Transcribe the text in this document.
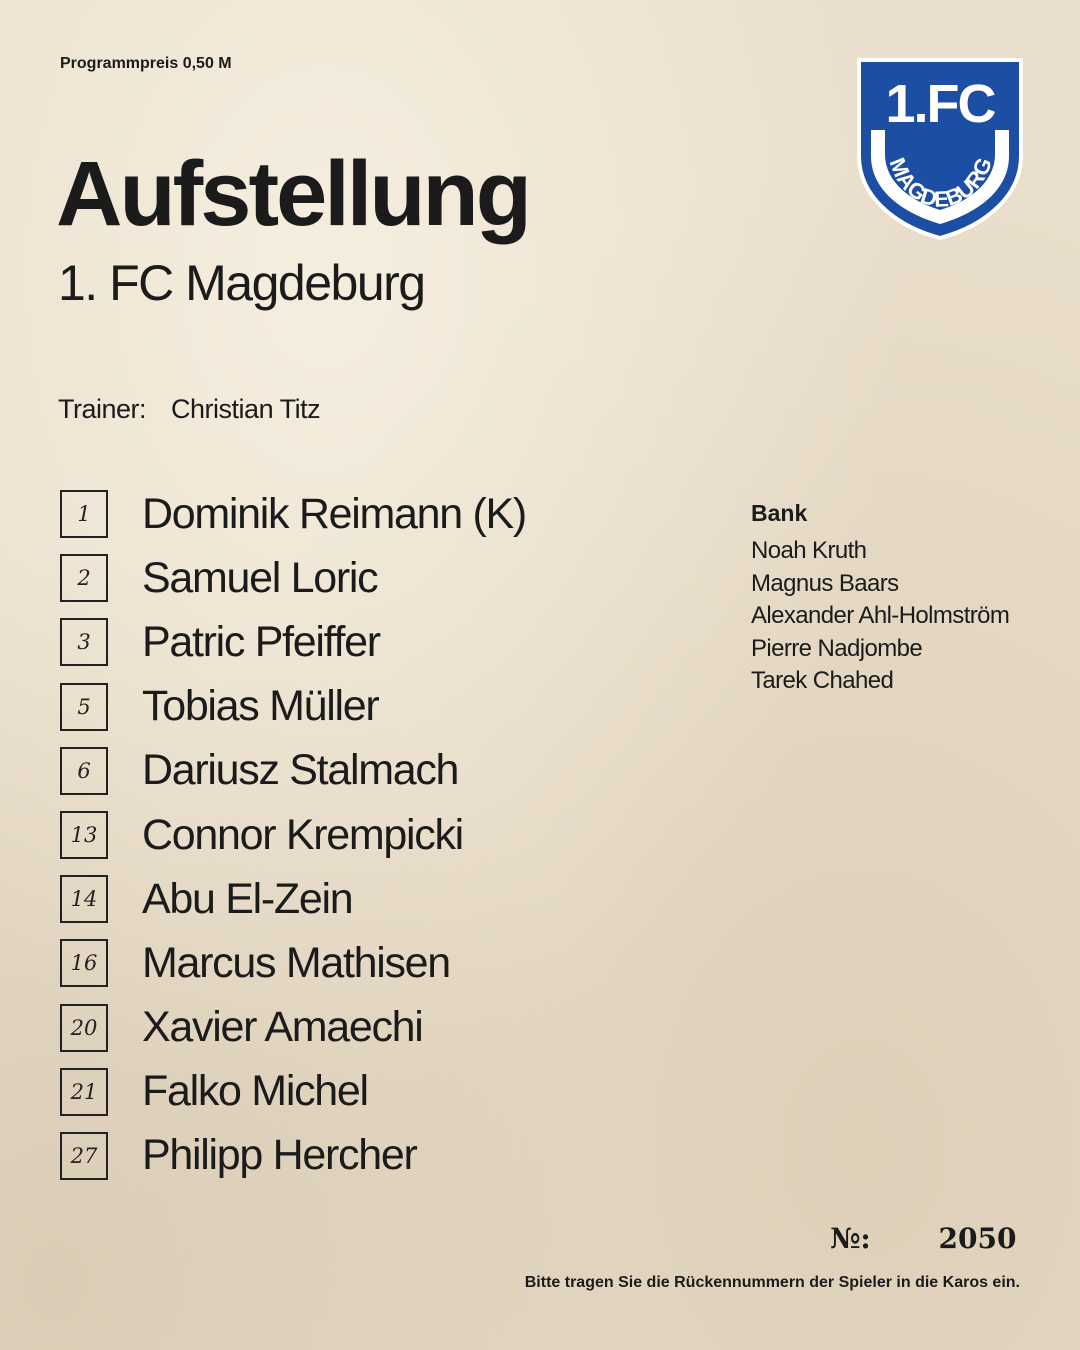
Programmpreis 0,50 M
Aufstellung
1. FC Magdeburg
1.FC
MAGDEBURG
Trainer: Christian Titz
1	Dominik Reimann (K)
2	Samuel Loric
3	Patric Pfeiffer
5	Tobias Müller
6	Dariusz Stalmach
13 Connor Krempicki
14 Abu El-Zein
16 Marcus Mathisen
20 Xavier Amaechi
21 Falko Michel
27 Philipp Hercher
Bank
Noah Kruth
Magnus Baars
Alexander Ahl-Holmström
Pierre Nadjombe
Tarek Chahed
№: 2050
Bitte tragen Sie die Rückennummern der Spieler in die Karos ein.
